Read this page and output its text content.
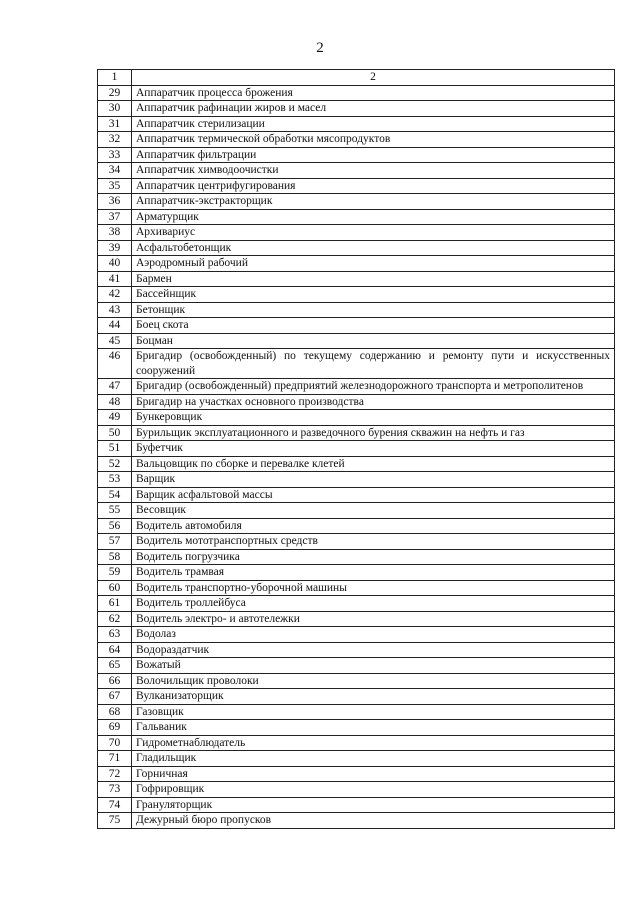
2
1	2
29	Аппаратчик процесса брожения
30	Аппаратчик рафинации жиров и масел
31	Аппаратчик стерилизации
32	Аппаратчик термической обработки мясопродуктов
33	Аппаратчик фильтрации
34	Аппаратчик химводоочистки
35	Аппаратчик центрифугирования
36	Аппаратчик-экстракторщик
37	Арматурщик
38	Архивариус
39	Асфальтобетонщик
40	Аэродромный рабочий
41	Бармен
42	Бассейнщик
43	Бетонщик
44	Боец скота
45	Боцман
46	Бригадир (освобожденный) по текущему содержанию и ремонту пути и искусственных сооружений
47	Бригадир (освобожденный) предприятий железнодорожного транспорта и метрополитенов
48	Бригадир на участках основного производства
49	Бункеровщик
50	Бурильщик эксплуатационного и разведочного бурения скважин на нефть и газ
51	Буфетчик
52	Вальцовщик по сборке и перевалке клетей
53	Варщик
54	Варщик асфальтовой массы
55	Весовщик
56	Водитель автомобиля
57	Водитель мототранспортных средств
58	Водитель погрузчика
59	Водитель трамвая
60	Водитель транспортно-уборочной машины
61	Водитель троллейбуса
62	Водитель электро- и автотележки
63	Водолаз
64	Водораздатчик
65	Вожатый
66	Волочильщик проволоки
67	Вулканизаторщик
68	Газовщик
69	Гальваник
70	Гидрометнаблюдатель
71	Гладильщик
72	Горничная
73	Гофрировщик
74	Грануляторщик
75	Дежурный бюро пропусков
